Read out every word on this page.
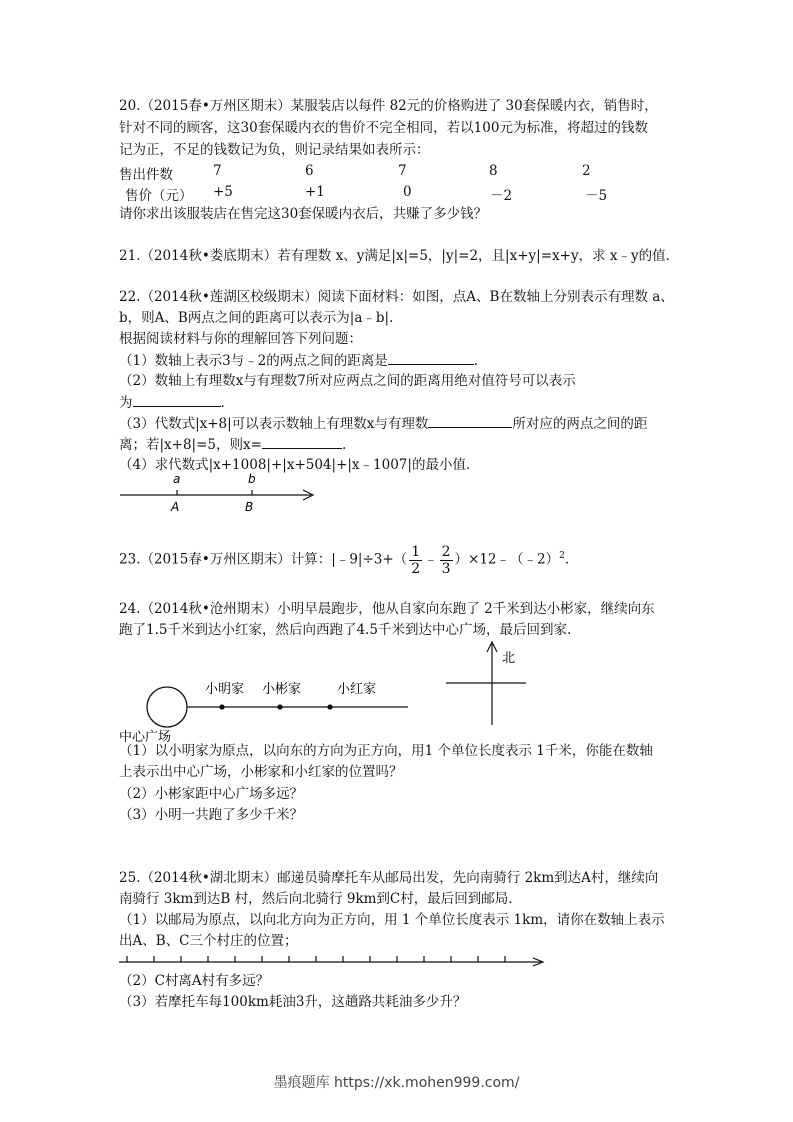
20.（2015春•万州区期末）某服装店以每件 82元的价格购进了 30套保暖内衣，销售时，
针对不同的顾客，这30套保暖内衣的售价不完全相同，若以100元为标准，将超过的钱数
记为正，不足的钱数记为负，则记录结果如表所示：
售出件数	7	6	7	8	2
售价（元） +5	+1	0	－2	－5
请你求出该服装店在售完这30套保暖内衣后，共赚了多少钱？
21.（2014秋•娄底期末）若有理数 x、y满足|x|=5，|y|=2，且|x+y|=x+y，求 x﹣y的值.
22.（2014秋•莲湖区校级期末）阅读下面材料：如图，点A、B在数轴上分别表示有理数 a、
b，则A、B两点之间的距离可以表示为|a﹣b|.
根据阅读材料与你的理解回答下列问题：
（1）数轴上表示3与﹣2的两点之间的距离是	.
（2）数轴上有理数x与有理数7所对应两点之间的距离用绝对值符号可以表示
为	.
（3）代数式|x+8|可以表示数轴上有理数x与有理数	所对应的两点之间的距
离；若|x+8|=5，则x=	.
（4）求代数式|x+1008|+|x+504|+|x﹣1007|的最小值.
a	b
A	B
23.（2015春•万州区期末）计算：|﹣9|÷3+（ $\frac{1}{2}$ ﹣ $\frac{2}{3}$ ）×12﹣（﹣2）$^2$.
24.（2014秋•沧州期末）小明早晨跑步，他从自家向东跑了 2千米到达小彬家，继续向东
跑了1.5千米到达小红家，然后向西跑了4.5千米到达中心广场，最后回到家.
小明家 小彬家	小红家
中心广场
北
（1）以小明家为原点，以向东的方向为正方向，用1 个单位长度表示 1千米，你能在数轴
上表示出中心广场，小彬家和小红家的位置吗？
（2）小彬家距中心广场多远？
（3）小明一共跑了多少千米？
25.（2014秋•湖北期末）邮递员骑摩托车从邮局出发，先向南骑行 2km到达A村，继续向
南骑行 3km到达B 村，然后向北骑行 9km到C村，最后回到邮局.
（1）以邮局为原点，以向北方向为正方向，用 1 个单位长度表示 1km，请你在数轴上表示
出A、B、C三个村庄的位置；
（2）C村离A村有多远？
（3）若摩托车每100km耗油3升，这趟路共耗油多少升？
墨痕题库 https://xk.mohen999.com/
